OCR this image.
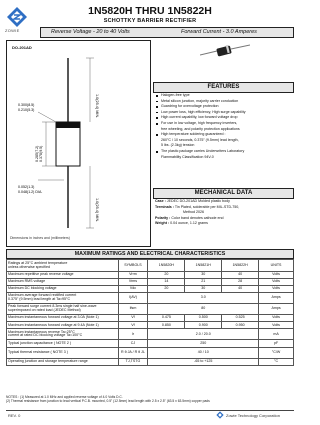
ZOWIE
1N5820H THRU 1N5822H
SCHOTTKY BARRIER RECTIFIER
Reverse Voltage - 20 to 40 Volts	Forward Current - 3.0 Amperes
DO-201AD
1.0(25.4) MIN.
1.0(25.4) MIN.
0.300(8.5)
0.210(5.3)
0.378(9.5)
0.285(7.2)
0.052(1.3)
0.048(1.2) DIA.
Dimensions in inches and (millimeters)
FEATURES
Halogen-free type
Metal silicon junction, majority carrier conduction
Guardring for overvoltage protection
Low power loss, high efficiency, High surge capability
High current capability, low forward voltage drop
For use in low voltage, high frequency inverters,
free wheeling, and polarity protection applications
High temperature soldering guaranteed :
260°C / 10 seconds, 0.375" (9.5mm) lead length,
5 lbs. (2.3kg) tension
The plastic package carries Underwriters Laboratory
Flammability Classification 94V-0
MECHANICAL DATA
Case : JEDEC DO-201AD Molded plastic body
Terminals : Tin Plated, solderable per MIL-STD-750,
Method 2026
Polarity : Color band denotes cathode end
Weight : 0.04 ounce, 1.12 grams
MAXIMUM RATINGS AND ELECTRICAL CHARACTERISTICS
Ratings at 25°C ambient temperature
unless otherwise specified	SYMBOLS	1N5820H	1N5821H	1N5822H	UNITS

Maximum repetitive peak reverse voltage	Vrrm	20	30	40	Volts

Maximum RMS voltage	Vrms	14	21	28	Volts

Maximum DC blocking voltage	Vdc	20	30	40	Volts

Maximum average forward rectified current
0.375" (9.5mm) lead length at Ta=95°C	I(AV)	3.0			Amps

Peak forward surge current 8.3ms single half sine-wave
superimposed on rated load (JEDEC Method)	Ifsm	80			Amps

Maximum instantaneous forward voltage at 3.0A (Note 1)	Vf	0.475	0.500	0.525	Volts

Maximum instantaneous forward voltage at 9.4A (Note 1)	Vf	0.850	0.900	0.950	Volts

Maximum instantaneous reverse Ta=25°C
current at rated DC blocking voltage Ta=100°C	Ir	2.0 / 20.0			mA

Typical junction capacitance ( NOTE 2 )	CJ	250			pF

Typical thermal resistance ( NOTE 3 )	R θ JA / R θ JL	40 / 10			°C/W

Operating junction and storage temperature range	TJ,TSTG	-65 to +125			°C
NOTES : (1) Measured at 1.0 MHz and applied reverse voltage of 4.0 Volts D.C.
(2) Thermal resistance from junction to lead vertical P.C.B. mounted, 0.5" (12.5mm) lead length with 2.5 x 2.5" (63.5 x 63.5mm) copper pads
REV. 0	Zowie Technology Corporation
